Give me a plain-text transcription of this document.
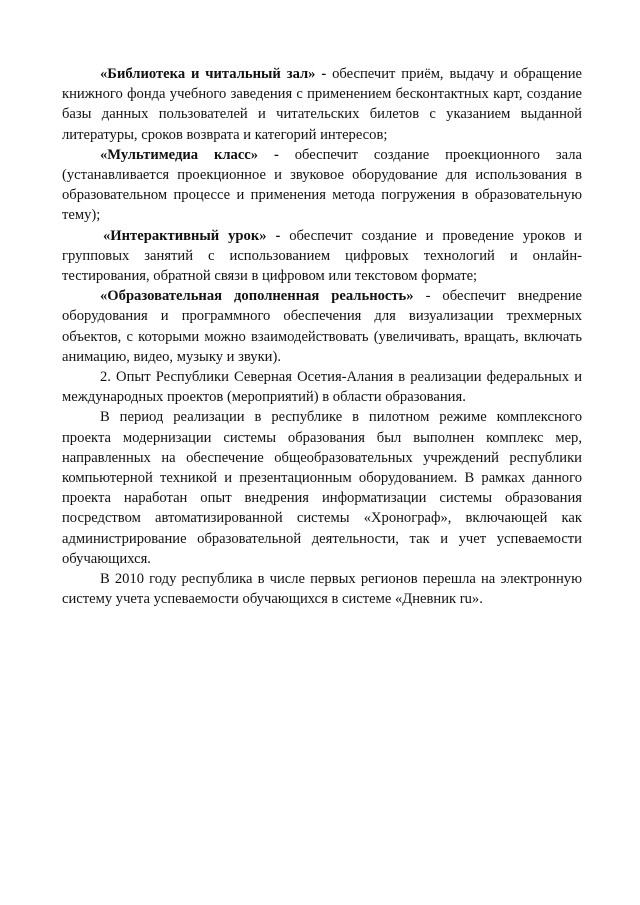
«Библиотека и читальный зал» - обеспечит приём, выдачу и обращение книжного фонда учебного заведения с применением бесконтактных карт, создание базы данных пользователей и читательских билетов с указанием выданной литературы, сроков возврата и категорий интересов;

«Мультимедиа класс» - обеспечит создание проекционного зала (устанавливается проекционное и звуковое оборудование для использования в образовательном процессе и применения метода погружения в образовательную тему);

«Интерактивный урок» - обеспечит создание и проведение уроков и групповых занятий с использованием цифровых технологий и онлайн-тестирования, обратной связи в цифровом или текстовом формате;

«Образовательная дополненная реальность» - обеспечит внедрение оборудования и программного обеспечения для визуализации трехмерных объектов, с которыми можно взаимодействовать (увеличивать, вращать, включать анимацию, видео, музыку и звуки).

2. Опыт Республики Северная Осетия-Алания в реализации федеральных и международных проектов (мероприятий) в области образования.

В период реализации в республике в пилотном режиме комплексного проекта модернизации системы образования был выполнен комплекс мер, направленных на обеспечение общеобразовательных учреждений республики компьютерной техникой и презентационным оборудованием. В рамках данного проекта наработан опыт внедрения информатизации системы образования посредством автоматизированной системы «Хронограф», включающей как администрирование образовательной деятельности, так и учет успеваемости обучающихся.

В 2010 году республика в числе первых регионов перешла на электронную систему учета успеваемости обучающихся в системе «Дневник ru».
